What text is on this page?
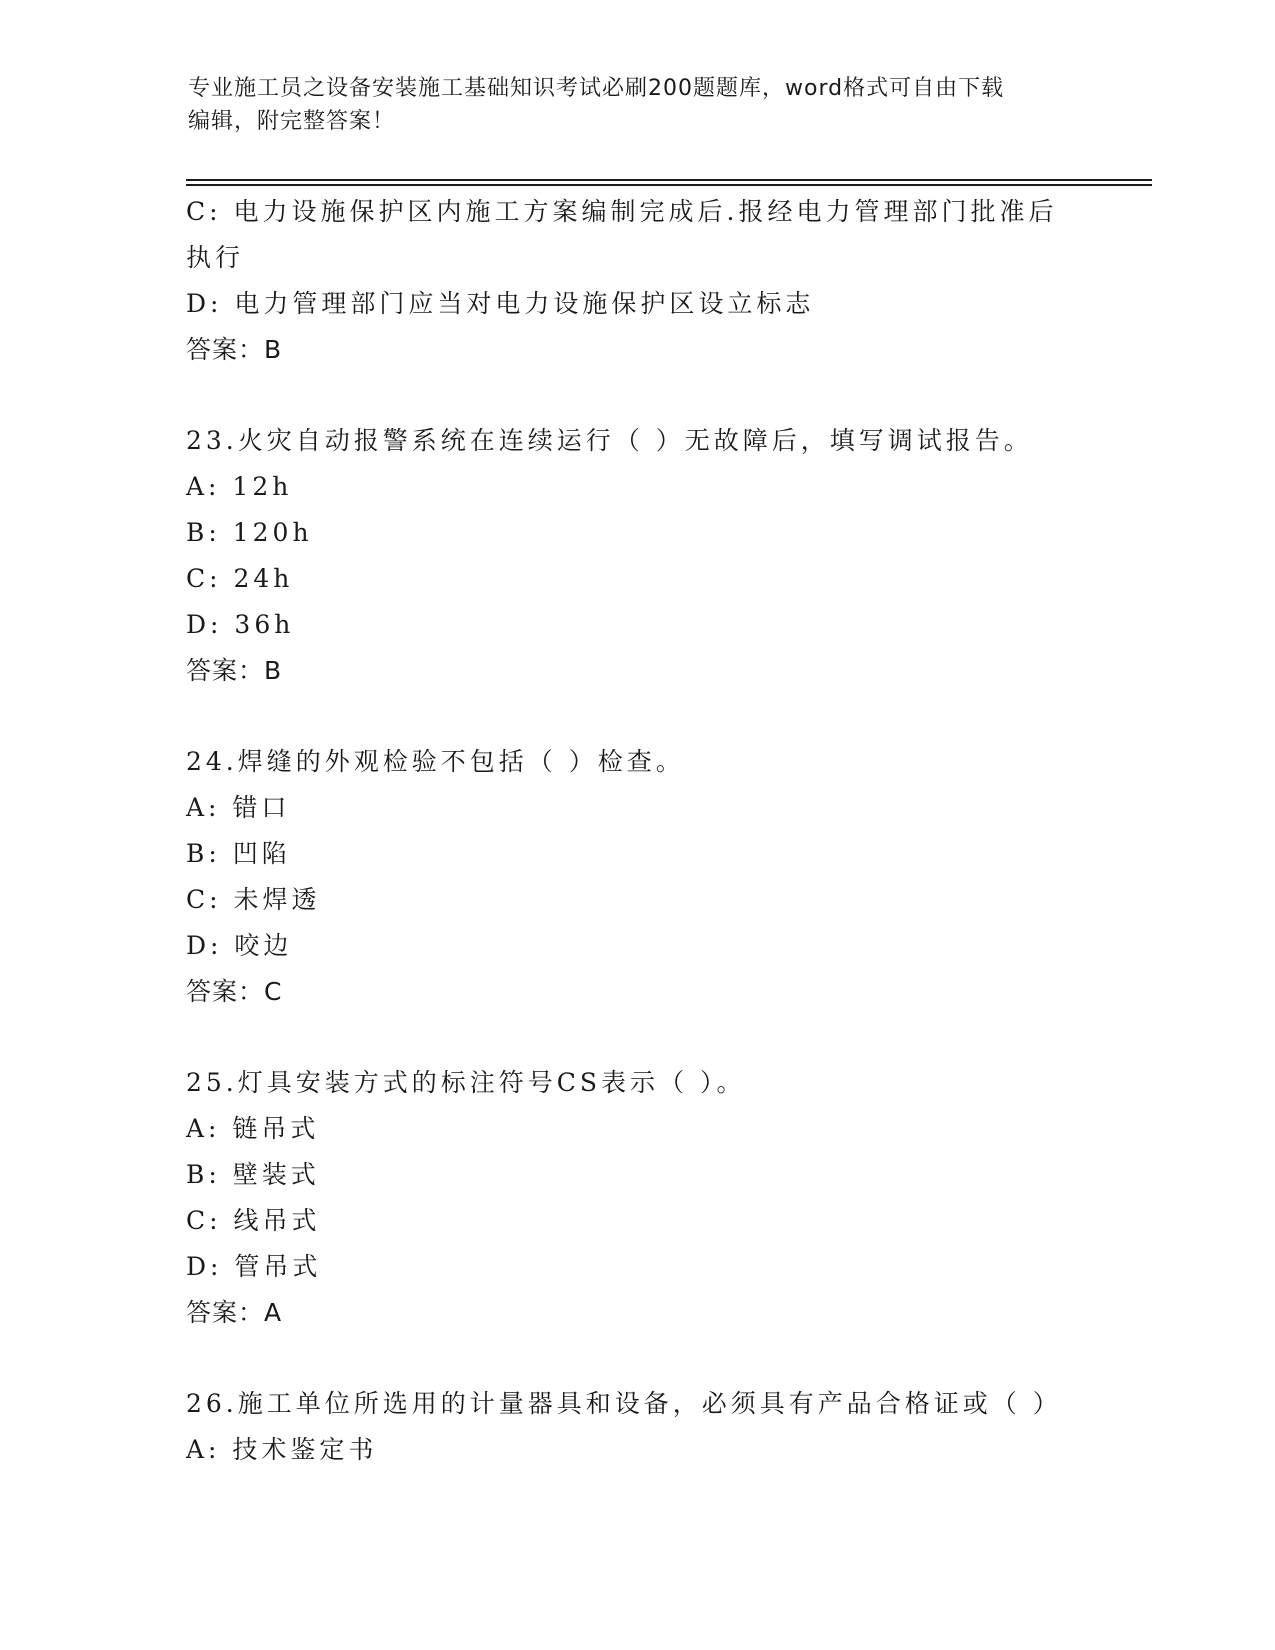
专业施工员之设备安装施工基础知识考试必刷200题题库，word格式可自由下载
编辑，附完整答案！
C: 电力设施保护区内施工方案编制完成后.报经电力管理部门批准后
执行
D: 电力管理部门应当对电力设施保护区设立标志
答案：B
23.火灾自动报警系统在连续运行（ ）无故障后，填写调试报告。
A: 12h
B: 120h
C: 24h
D: 36h
答案：B
24.焊缝的外观检验不包括（ ）检查。
A: 错口
B: 凹陷
C: 未焊透
D: 咬边
答案：C
25.灯具安装方式的标注符号CS表示（ ）。
A: 链吊式
B: 壁装式
C: 线吊式
D: 管吊式
答案：A
26.施工单位所选用的计量器具和设备，必须具有产品合格证或（ ）
A: 技术鉴定书
